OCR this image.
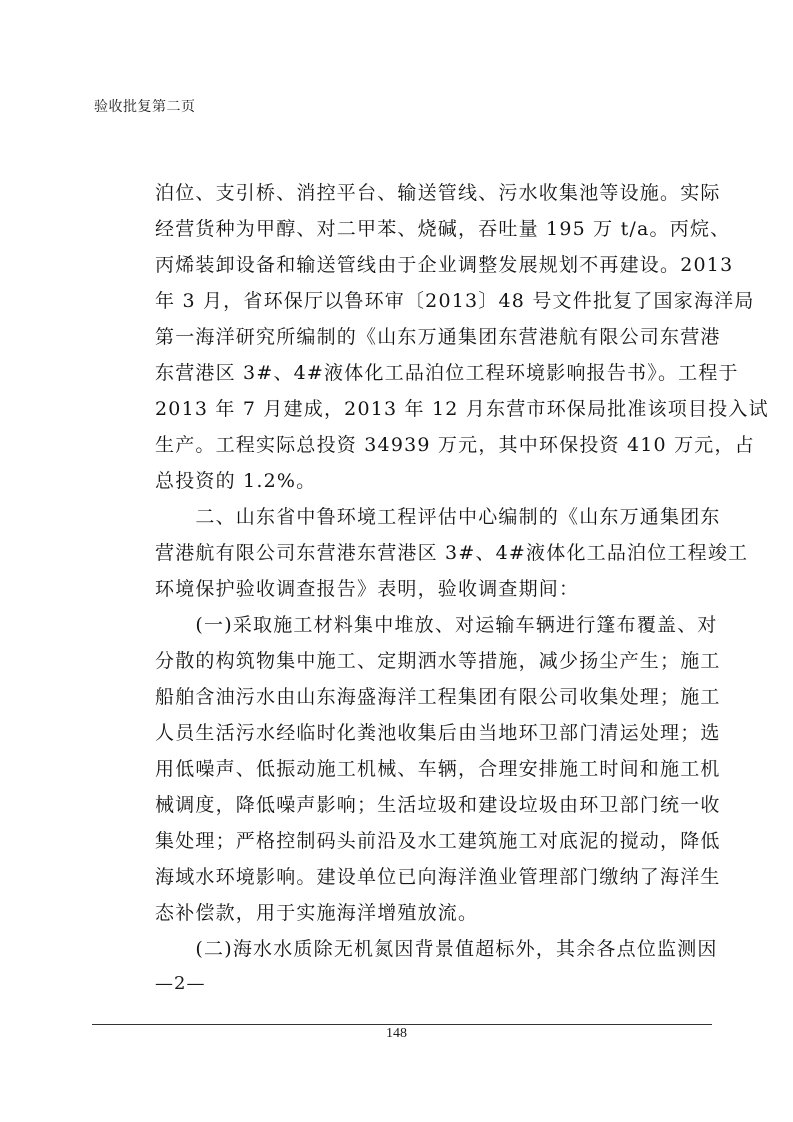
验收批复第二页
泊位、支引桥、消控平台、输送管线、污水收集池等设施。实际
经营货种为甲醇、对二甲苯、烧碱，吞吐量 195 万 t/a。丙烷、
丙烯装卸设备和输送管线由于企业调整发展规划不再建设。2013
年 3 月，省环保厅以鲁环审〔2013〕48 号文件批复了国家海洋局
第一海洋研究所编制的《山东万通集团东营港航有限公司东营港
东营港区 3#、4#液体化工品泊位工程环境影响报告书》。工程于
2013 年 7 月建成，2013 年 12 月东营市环保局批准该项目投入试
生产。工程实际总投资 34939 万元，其中环保投资 410 万元，占
总投资的 1.2%。
　　二、山东省中鲁环境工程评估中心编制的《山东万通集团东
营港航有限公司东营港东营港区 3#、4#液体化工品泊位工程竣工
环境保护验收调查报告》表明，验收调查期间：
　　(一)采取施工材料集中堆放、对运输车辆进行篷布覆盖、对
分散的构筑物集中施工、定期洒水等措施，减少扬尘产生；施工
船舶含油污水由山东海盛海洋工程集团有限公司收集处理；施工
人员生活污水经临时化粪池收集后由当地环卫部门清运处理；选
用低噪声、低振动施工机械、车辆，合理安排施工时间和施工机
械调度，降低噪声影响；生活垃圾和建设垃圾由环卫部门统一收
集处理；严格控制码头前沿及水工建筑施工对底泥的搅动，降低
海域水环境影响。建设单位已向海洋渔业管理部门缴纳了海洋生
态补偿款，用于实施海洋增殖放流。
　　(二)海水水质除无机氮因背景值超标外，其余各点位监测因
—2—
148
